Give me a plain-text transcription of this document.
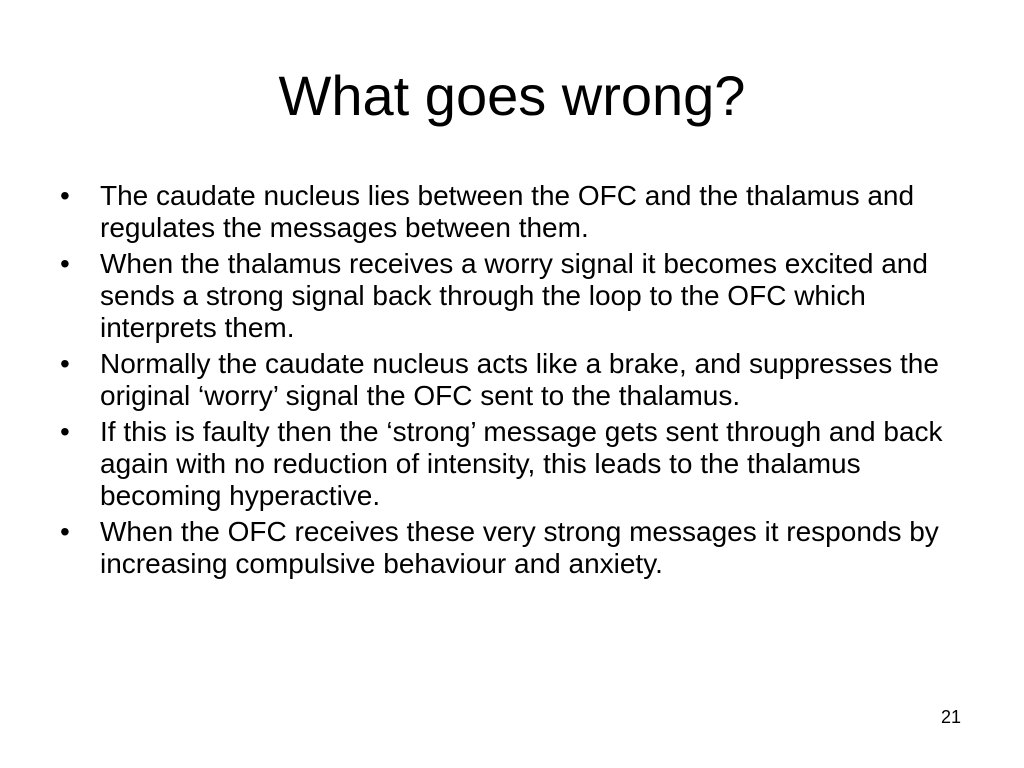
What goes wrong?
• The caudate nucleus lies between the OFC and the thalamus and regulates the messages between them.
• When the thalamus receives a worry signal it becomes excited and sends a strong signal back through the loop to the OFC which interprets them.
• Normally the caudate nucleus acts like a brake, and suppresses the original ‘worry’ signal the OFC sent to the thalamus.
• If this is faulty then the ‘strong’ message gets sent through and back again with no reduction of intensity, this leads to the thalamus becoming hyperactive.
• When the OFC receives these very strong messages it responds by increasing compulsive behaviour and anxiety.
21
